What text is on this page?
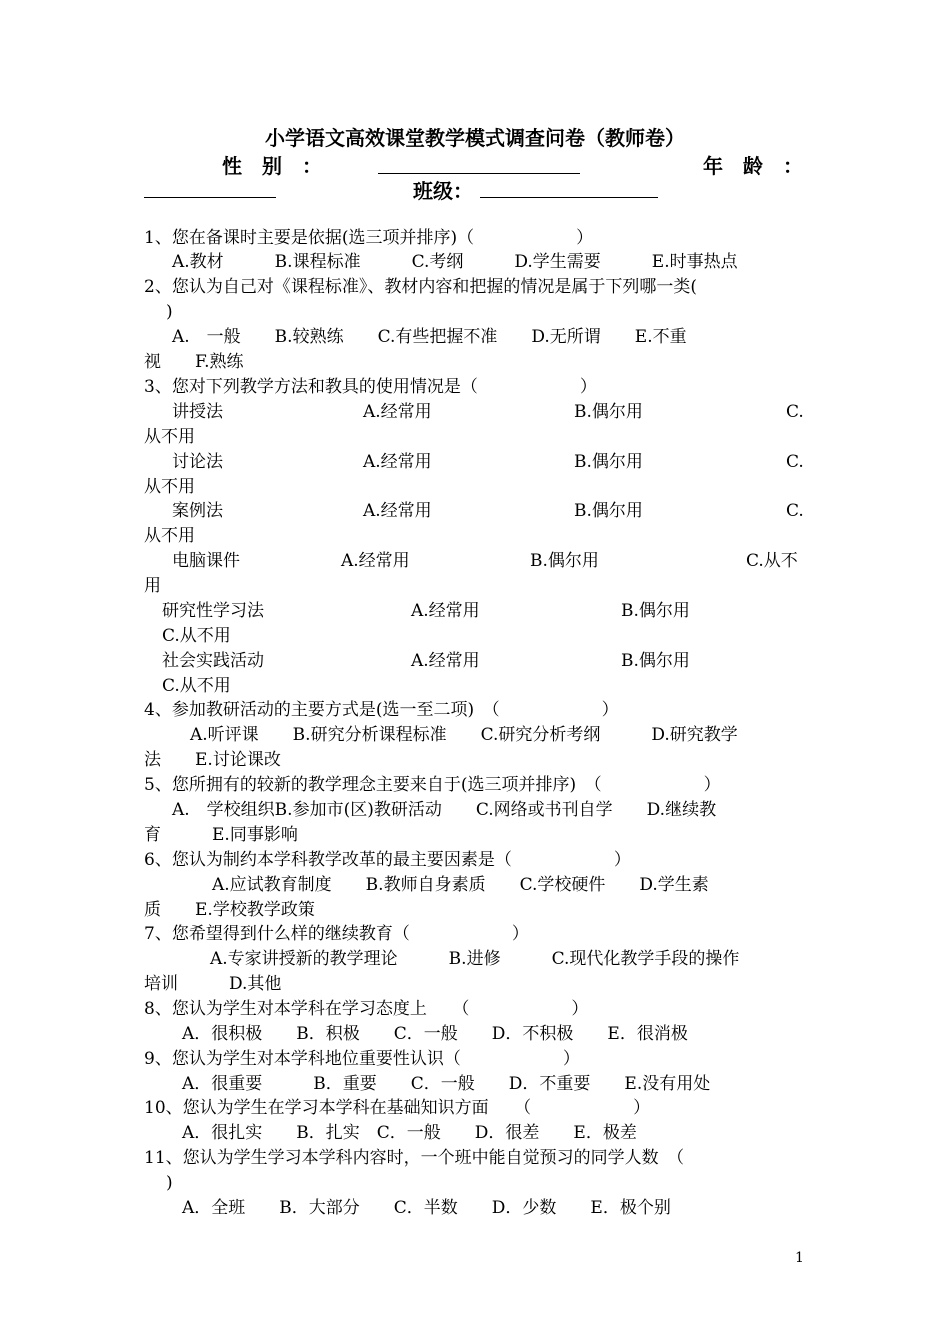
小学语文高效课堂教学模式调查问卷（教师卷）
性　别　：	年　龄　：
班级：
1、您在备课时主要是依据(选三项并排序)（　　　　　　）
A.教材　　　B.课程标准　　　C.考纲　　　D.学生需要　　　E.时事热点
2、您认为自己对《课程标准》、教材内容和把握的情况是属于下列哪一类(
)
A.　一般　　B.较熟练　　C.有些把握不准　　D.无所谓　　E.不重
视　　F.熟练
3、您对下列教学方法和教具的使用情况是（　　　　　　）
讲授法	A.经常用	B.偶尔用	C.
从不用
讨论法	A.经常用	B.偶尔用	C.
从不用
案例法	A.经常用	B.偶尔用	C.
从不用
电脑课件	A.经常用	B.偶尔用	C.从不
用
研究性学习法	A.经常用	B.偶尔用
C.从不用
社会实践活动	A.经常用	B.偶尔用
C.从不用
4、参加教研活动的主要方式是(选一至二项)　（　　　　　　）
A.听评课　　B.研究分析课程标准　　C.研究分析考纲　　　D.研究教学
法　　E.讨论课改
5、您所拥有的较新的教学理念主要来自于(选三项并排序)　（　　　　　　）
A.　学校组织B.参加市(区)教研活动　　C.网络或书刊自学　　D.继续教
育　　　E.同事影响
6、您认为制约本学科教学改革的最主要因素是（　　　　　　）
A.应试教育制度　　B.教师自身素质　　C.学校硬件　　D.学生素
质　　E.学校教学政策
7、您希望得到什么样的继续教育（　　　　　　）
A.专家讲授新的教学理论　　　B.进修　　　C.现代化教学手段的操作
培训　　　D.其他
8、您认为学生对本学科在学习态度上　　（　　　　　　）
A．很积极　　B．积极　　C．一般　　D．不积极　　E．很消极
9、您认为学生对本学科地位重要性认识（　　　　　　）
A．很重要　　　B．重要　　C．一般　　D．不重要　　E.没有用处
10、您认为学生在学习本学科在基础知识方面　　（　　　　　　）
A．很扎实　　B．扎实　C．一般　　D．很差　　E．极差
11、您认为学生学习本学科内容时，一个班中能自觉预习的同学人数　（
)
A．全班　　B．大部分　　C．半数　　D．少数　　E．极个别
1
